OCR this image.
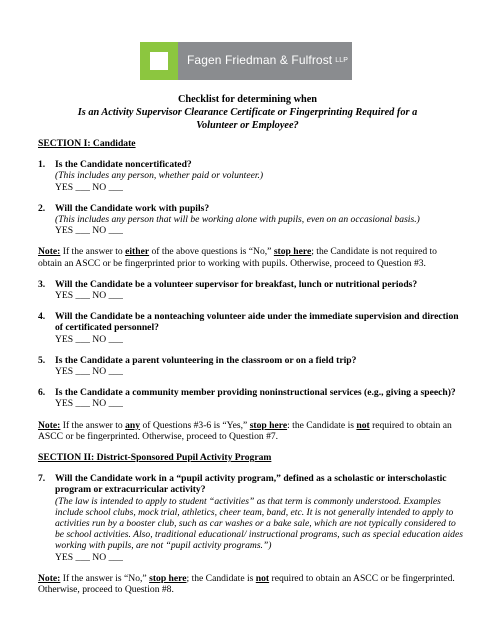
Fagen Friedman & Fulfrost LLP
Checklist for determining when
Is an Activity Supervisor Clearance Certificate or Fingerprinting Required for a
Volunteer or Employee?
SECTION I: Candidate
1.	Is the Candidate noncertificated?
(This includes any person, whether paid or volunteer.)
YES ___ NO ___
2.	Will the Candidate work with pupils?
(This includes any person that will be working alone with pupils, even on an occasional basis.)
YES ___ NO ___
Note: If the answer to either of the above questions is “No,” stop here; the Candidate is not required to obtain an ASCC or be fingerprinted prior to working with pupils. Otherwise, proceed to Question #3.
3.	Will the Candidate be a volunteer supervisor for breakfast, lunch or nutritional periods?
YES ___ NO ___
4.	Will the Candidate be a nonteaching volunteer aide under the immediate supervision and direction of certificated personnel?
YES ___ NO ___
5.	Is the Candidate a parent volunteering in the classroom or on a field trip?
YES ___ NO ___
6.	Is the Candidate a community member providing noninstructional services (e.g., giving a speech)?
YES ___ NO ___
Note: If the answer to any of Questions #3-6 is “Yes,” stop here: the Candidate is not required to obtain an ASCC or be fingerprinted. Otherwise, proceed to Question #7.
SECTION II: District-Sponsored Pupil Activity Program
7.	Will the Candidate work in a “pupil activity program,” defined as a scholastic or interscholastic program or extracurricular activity?
(The law is intended to apply to student “activities” as that term is commonly understood. Examples include school clubs, mock trial, athletics, cheer team, band, etc. It is not generally intended to apply to activities run by a booster club, such as car washes or a bake sale, which are not typically considered to be school activities. Also, traditional educational/ instructional programs, such as special education aides working with pupils, are not “pupil activity programs.”)
YES ___ NO ___
Note: If the answer is “No,” stop here; the Candidate is not required to obtain an ASCC or be fingerprinted. Otherwise, proceed to Question #8.
